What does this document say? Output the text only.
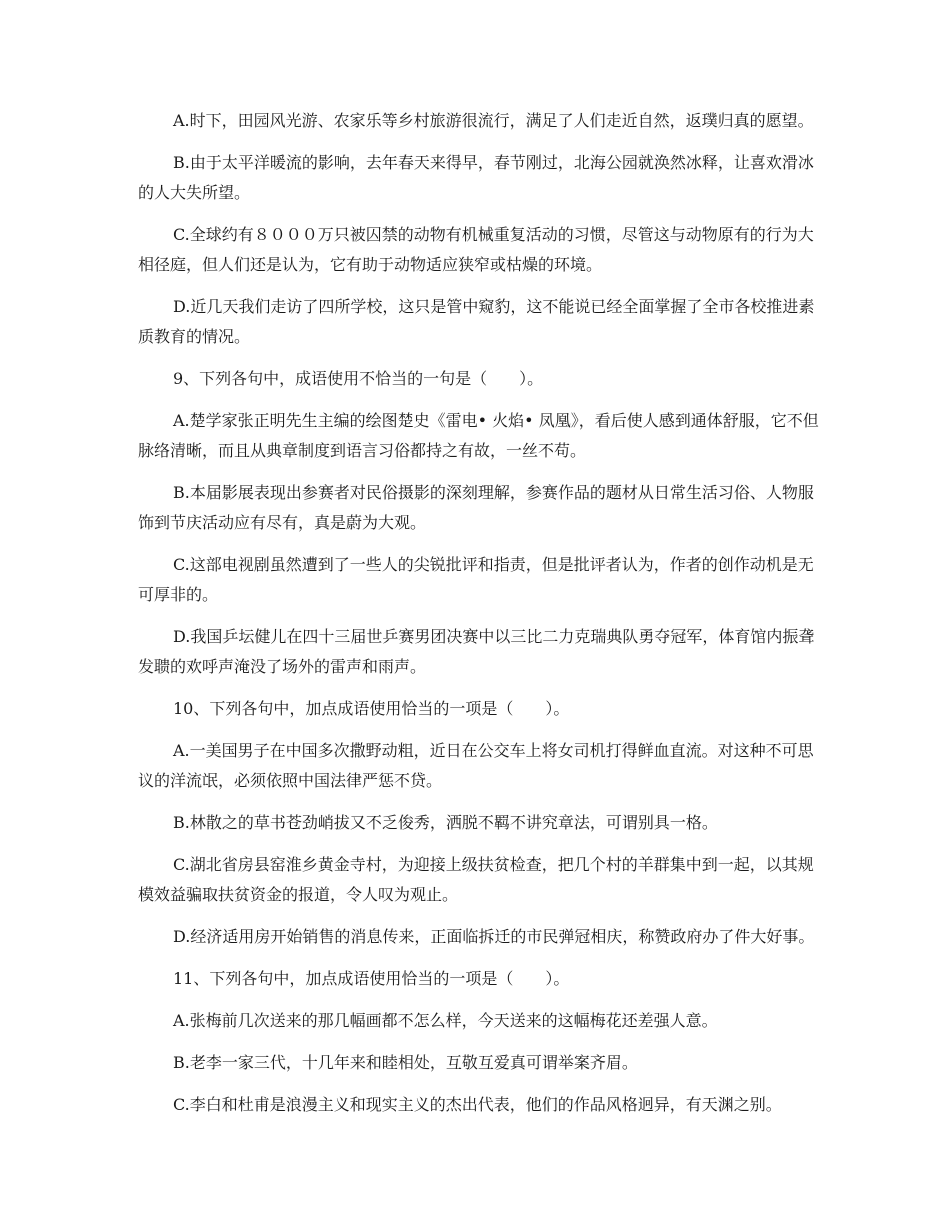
A.时下，田园风光游、农家乐等乡村旅游很流行，满足了人们走近自然，返璞归真的愿望。

B.由于太平洋暖流的影响，去年春天来得早，春节刚过，北海公园就涣然冰释，让喜欢滑冰的人大失所望。

C.全球约有８０００万只被囚禁的动物有机械重复活动的习惯，尽管这与动物原有的行为大相径庭，但人们还是认为，它有助于动物适应狭窄或枯燥的环境。

D.近几天我们走访了四所学校，这只是管中窥豹，这不能说已经全面掌握了全市各校推进素质教育的情况。

9、下列各句中，成语使用不恰当的一句是（　　）。

A.楚学家张正明先生主编的绘图楚史《雷电• 火焰• 凤凰》，看后使人感到通体舒服，它不但脉络清晰，而且从典章制度到语言习俗都持之有故，一丝不苟。

B.本届影展表现出参赛者对民俗摄影的深刻理解，参赛作品的题材从日常生活习俗、人物服饰到节庆活动应有尽有，真是蔚为大观。

C.这部电视剧虽然遭到了一些人的尖锐批评和指责，但是批评者认为，作者的创作动机是无可厚非的。

D.我国乒坛健儿在四十三届世乒赛男团决赛中以三比二力克瑞典队勇夺冠军，体育馆内振聋发聩的欢呼声淹没了场外的雷声和雨声。

10、下列各句中，加点成语使用恰当的一项是（　　）。

A.一美国男子在中国多次撒野动粗，近日在公交车上将女司机打得鲜血直流。对这种不可思议的洋流氓，必须依照中国法律严惩不贷。

B.林散之的草书苍劲峭拔又不乏俊秀，洒脱不羁不讲究章法，可谓别具一格。

C.湖北省房县窑淮乡黄金寺村，为迎接上级扶贫检查，把几个村的羊群集中到一起，以其规模效益骗取扶贫资金的报道，令人叹为观止。

D.经济适用房开始销售的消息传来，正面临拆迁的市民弹冠相庆，称赞政府办了件大好事。

11、下列各句中，加点成语使用恰当的一项是（　　）。

A.张梅前几次送来的那几幅画都不怎么样，今天送来的这幅梅花还差强人意。

B.老李一家三代，十几年来和睦相处，互敬互爱真可谓举案齐眉。

C.李白和杜甫是浪漫主义和现实主义的杰出代表，他们的作品风格迥异，有天渊之别。
